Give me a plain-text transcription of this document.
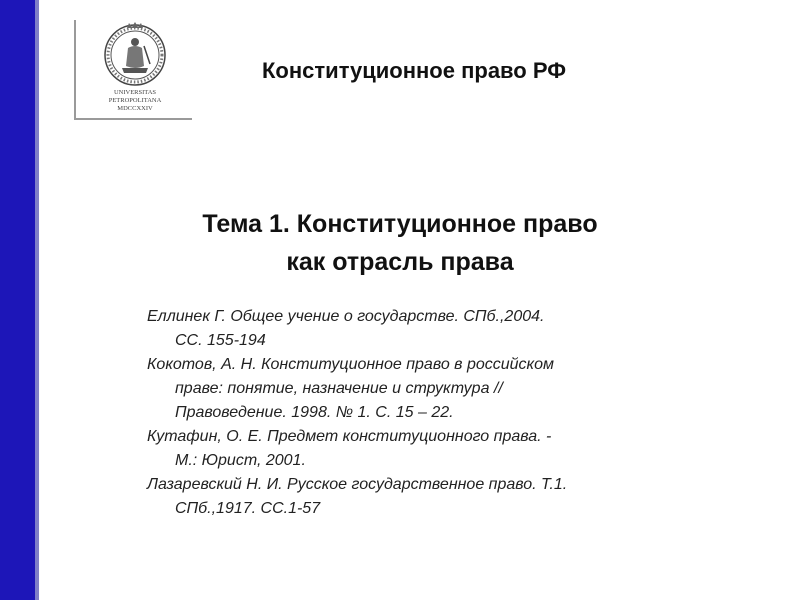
UNIVERSITAS
PETROPOLITANA
MDCCXXIV
Конституционное право РФ
Тема 1. Конституционное право
как отрасль права
Еллинек Г. Общее учение о государстве. СПб.,2004.
СС. 155-194
Кокотов, А. Н. Конституционное право в российском
праве: понятие, назначение и структура //
Правоведение. 1998. № 1. С. 15 – 22.
Кутафин, О. Е. Предмет конституционного права. -
М.: Юрист, 2001.
Лазаревский Н. И. Русское государственное право. Т.1.
СПб.,1917. СС.1-57
